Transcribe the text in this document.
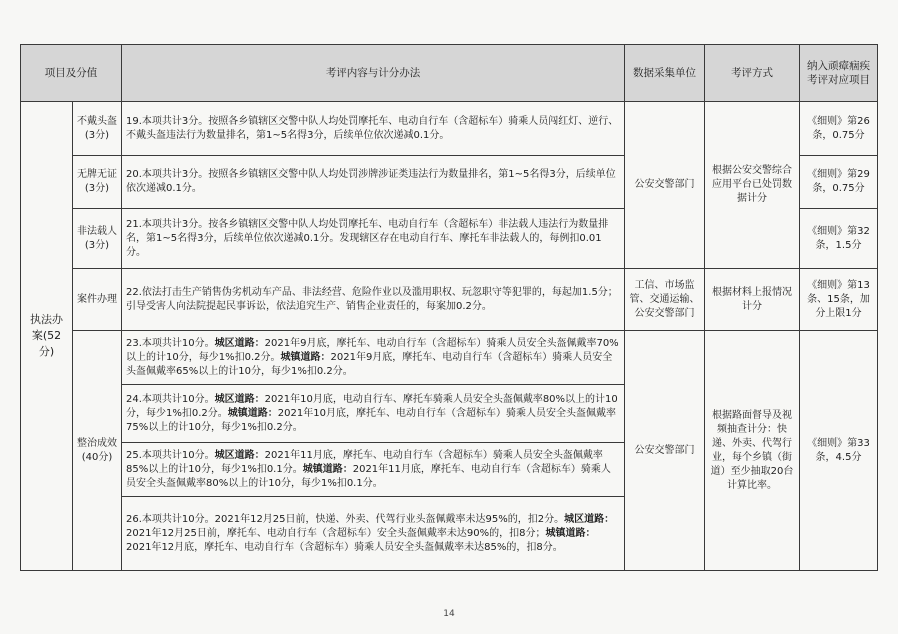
项目及分值		考评内容与计分办法	数据采集单位	考评方式	纳入顽瘴痼疾考评对应项目
执法办案(52分)	不戴头盔(3分)	19.本项共计3分。按照各乡镇辖区交警中队人均处罚摩托车、电动自行车（含超标车）骑乘人员闯红灯、逆行、不戴头盔违法行为数量排名，第1~5名得3分，后续单位依次递减0.1分。	公安交警部门	根据公安交警综合应用平台已处罚数据计分	《细则》第26条，0.75分
	无牌无证(3分)	20.本项共计3分。按照各乡镇辖区交警中队人均处罚涉牌涉证类违法行为数量排名，第1~5名得3分，后续单位依次递减0.1分。			《细则》第29条，0.75分
	非法载人(3分)	21.本项共计3分。按各乡镇辖区交警中队人均处罚摩托车、电动自行车（含超标车）非法载人违法行为数量排名，第1~5名得3分，后续单位依次递减0.1分。发现辖区存在电动自行车、摩托车非法载人的，每例扣0.01分。			《细则》第32条，1.5分
	案件办理	22.依法打击生产销售伪劣机动车产品、非法经营、危险作业以及滥用职权、玩忽职守等犯罪的，每起加1.5分；引导受害人向法院提起民事诉讼，依法追究生产、销售企业责任的，每案加0.2分。	工信、市场监管、交通运输、公安交警部门	根据材料上报情况计分	《细则》第13条、15条，加分上限1分
	整治成效(40分)	23.本项共计10分。城区道路：2021年9月底，摩托车、电动自行车（含超标车）骑乘人员安全头盔佩戴率70%以上的计10分，每少1%扣0.2分。城镇道路：2021年9月底，摩托车、电动自行车（含超标车）骑乘人员安全头盔佩戴率65%以上的计10分，每少1%扣0.2分。	公安交警部门	根据路面督导及视频抽查计分：快递、外卖、代驾行业，每个乡镇（街道）至少抽取20台计算比率。	《细则》第33条，4.5分
		24.本项共计10分。城区道路：2021年10月底，电动自行车、摩托车骑乘人员安全头盔佩戴率80%以上的计10分，每少1%扣0.2分。城镇道路：2021年10月底，摩托车、电动自行车（含超标车）骑乘人员安全头盔佩戴率75%以上的计10分，每少1%扣0.2分。			
		25.本项共计10分。城区道路：2021年11月底，摩托车、电动自行车（含超标车）骑乘人员安全头盔佩戴率85%以上的计10分，每少1%扣0.1分。城镇道路：2021年11月底，摩托车、电动自行车（含超标车）骑乘人员安全头盔佩戴率80%以上的计10分，每少1%扣0.1分。			
		26.本项共计10分。2021年12月25日前，快递、外卖、代驾行业头盔佩戴率未达95%的，扣2分。城区道路：2021年12月25日前，摩托车、电动自行车（含超标车）安全头盔佩戴率未达90%的，扣8分；城镇道路：2021年12月底，摩托车、电动自行车（含超标车）骑乘人员安全头盔佩戴率未达85%的，扣8分。			
14
